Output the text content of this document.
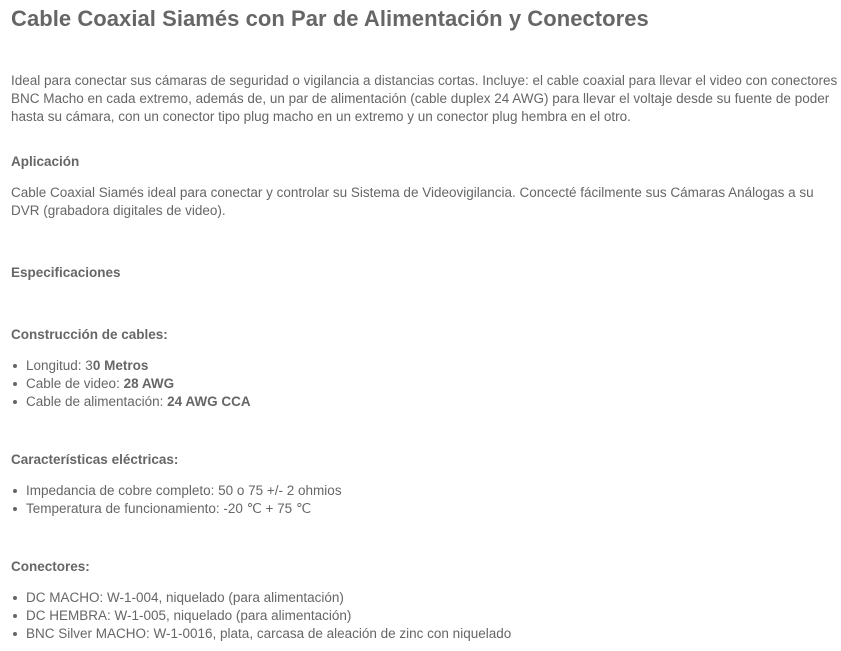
Cable Coaxial Siamés con Par de Alimentación y Conectores

Ideal para conectar sus cámaras de seguridad o vigilancia a distancias cortas. Incluye: el cable coaxial para llevar el video con conectores BNC Macho en cada extremo, además de, un par de alimentación (cable duplex 24 AWG) para llevar el voltaje desde su fuente de poder hasta su cámara, con un conector tipo plug macho en un extremo y un conector plug hembra en el otro.

Aplicación

Cable Coaxial Siamés ideal para conectar y controlar su Sistema de Videovigilancia. Concecté fácilmente sus Cámaras Análogas a su DVR (grabadora digitales de video).

Especificaciones

Construcción de cables:

Longitud: 30 Metros
Cable de video: 28 AWG
Cable de alimentación: 24 AWG CCA

Características eléctricas:

Impedancia de cobre completo: 50 o 75 +/- 2 ohmios
Temperatura de funcionamiento: -20 ℃ + 75 ℃

Conectores:

DC MACHO: W-1-004, niquelado (para alimentación)
DC HEMBRA: W-1-005, niquelado (para alimentación)
BNC Silver MACHO: W-1-0016, plata, carcasa de aleación de zinc con niquelado
